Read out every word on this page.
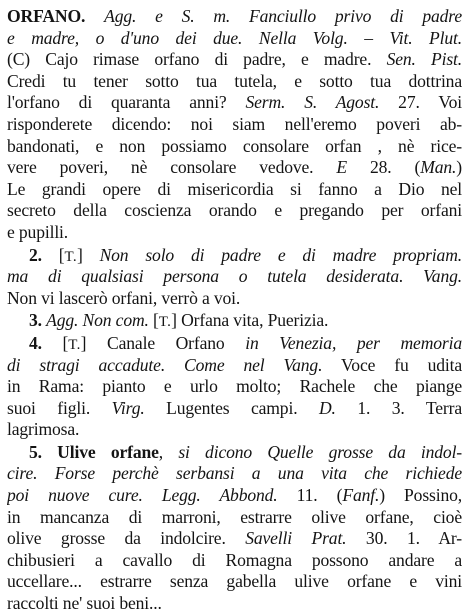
ORFANO. Agg. e S. m. Fanciullo privo di padre
e madre, o d'uno dei due. Nella Volg. – Vit. Plut.
(C) Cajo rimase orfano di padre, e madre. Sen. Pist.
Credi tu tener sotto tua tutela, e sotto tua dottrina
l'orfano di quaranta anni? Serm. S. Agost. 27. Voi
risponderete dicendo: noi siam nell'eremo poveri ab-
bandonati, e non possiamo consolare orfan , nè rice-
vere poveri, nè consolare vedove. E 28. (Man.)
Le grandi opere di misericordia si fanno a Dio nel
secreto della coscienza orando e pregando per orfani
e pupilli.
2. [T.] Non solo di padre e di madre propriam.
ma di qualsiasi persona o tutela desiderata. Vang.
Non vi lascerò orfani, verrò a voi.
3. Agg. Non com. [T.] Orfana vita, Puerizia.
4. [T.] Canale Orfano in Venezia, per memoria
di stragi accadute. Come nel Vang. Voce fu udita
in Rama: pianto e urlo molto; Rachele che piange
suoi figli. Virg. Lugentes campi. D. 1. 3. Terra
lagrimosa.
5. Ulive orfane, si dicono Quelle grosse da indol-
cire. Forse perchè serbansi a una vita che richiede
poi nuove cure. Legg. Abbond. 11. (Fanf.) Possino,
in mancanza di marroni, estrarre olive orfane, cioè
olive grosse da indolcire. Savelli Prat. 30. 1. Ar-
chibusieri a cavallo di Romagna possono andare a
uccellare... estrarre senza gabella ulive orfane e vini
raccolti ne' suoi beni...
